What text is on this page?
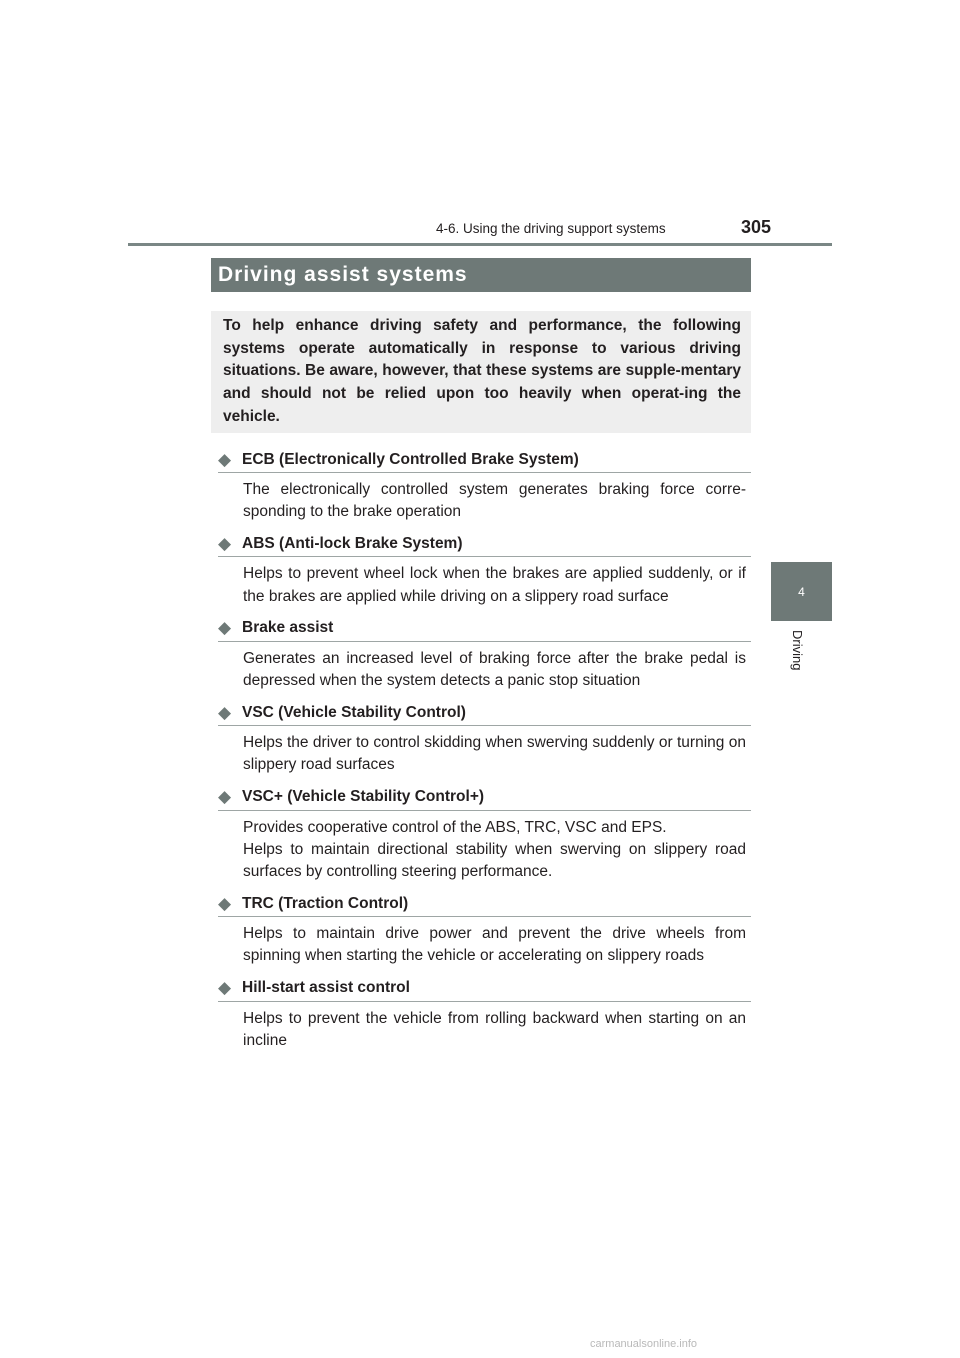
4-6. Using the driving support systems	305
4
Driving
Driving assist systems
To help enhance driving safety and performance, the following systems operate automatically in response to various driving situations. Be aware, however, that these systems are supple-mentary and should not be relied upon too heavily when operat-ing the vehicle.
◆ ECB (Electronically Controlled Brake System)
The electronically controlled system generates braking force corre-sponding to the brake operation
◆ ABS (Anti-lock Brake System)
Helps to prevent wheel lock when the brakes are applied suddenly, or if the brakes are applied while driving on a slippery road surface
◆ Brake assist
Generates an increased level of braking force after the brake pedal is depressed when the system detects a panic stop situation
◆ VSC (Vehicle Stability Control)
Helps the driver to control skidding when swerving suddenly or turning on slippery road surfaces
◆ VSC+ (Vehicle Stability Control+)
Provides cooperative control of the ABS, TRC, VSC and EPS.
Helps to maintain directional stability when swerving on slippery road surfaces by controlling steering performance.
◆ TRC (Traction Control)
Helps to maintain drive power and prevent the drive wheels from spinning when starting the vehicle or accelerating on slippery roads
◆ Hill-start assist control
Helps to prevent the vehicle from rolling backward when starting on an incline
carmanualsonline.info
